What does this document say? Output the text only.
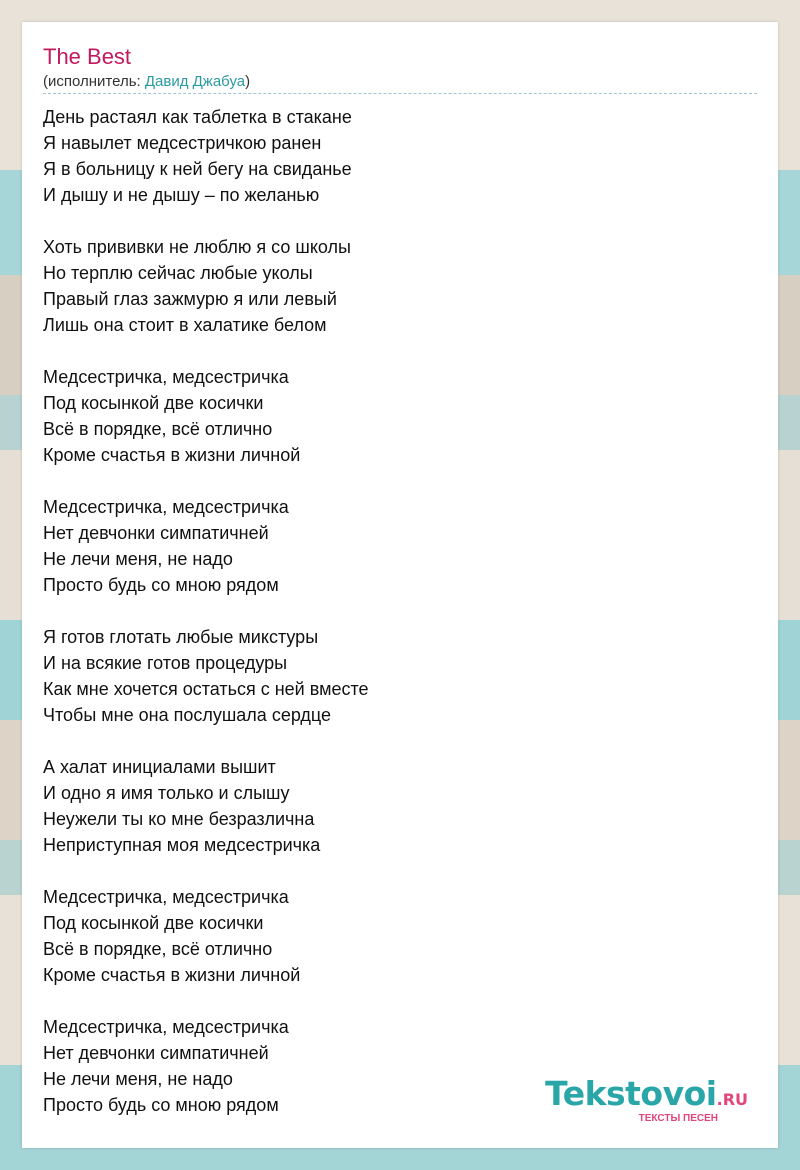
The Best
(исполнитель: Давид Джабуа)
День растаял как таблетка в стакане
Я навылет медсестричкою ранен
Я в больницу к ней бегу на свиданье
И дышу и не дышу – по желанью
Хоть прививки не люблю я со школы
Но терплю сейчас любые уколы
Правый глаз зажмурю я или левый
Лишь она стоит в халатике белом
Медсестричка, медсестричка
Под косынкой две косички
Всё в порядке, всё отлично
Кроме счастья в жизни личной
Медсестричка, медсестричка
Нет девчонки симпатичней
Не лечи меня, не надо
Просто будь со мною рядом
Я готов глотать любые микстуры
И на всякие готов процедуры
Как мне хочется остаться с ней вместе
Чтобы мне она послушала сердце
А халат инициалами вышит
И одно я имя только и слышу
Неужели ты ко мне безразлична
Неприступная моя медсестричка
Медсестричка, медсестричка
Под косынкой две косички
Всё в порядке, всё отлично
Кроме счастья в жизни личной
Медсестричка, медсестричка
Нет девчонки симпатичней
Не лечи меня, не надо
Просто будь со мною рядом	Tekstovoi.RU
ТЕКСТЫ ПЕСЕН
